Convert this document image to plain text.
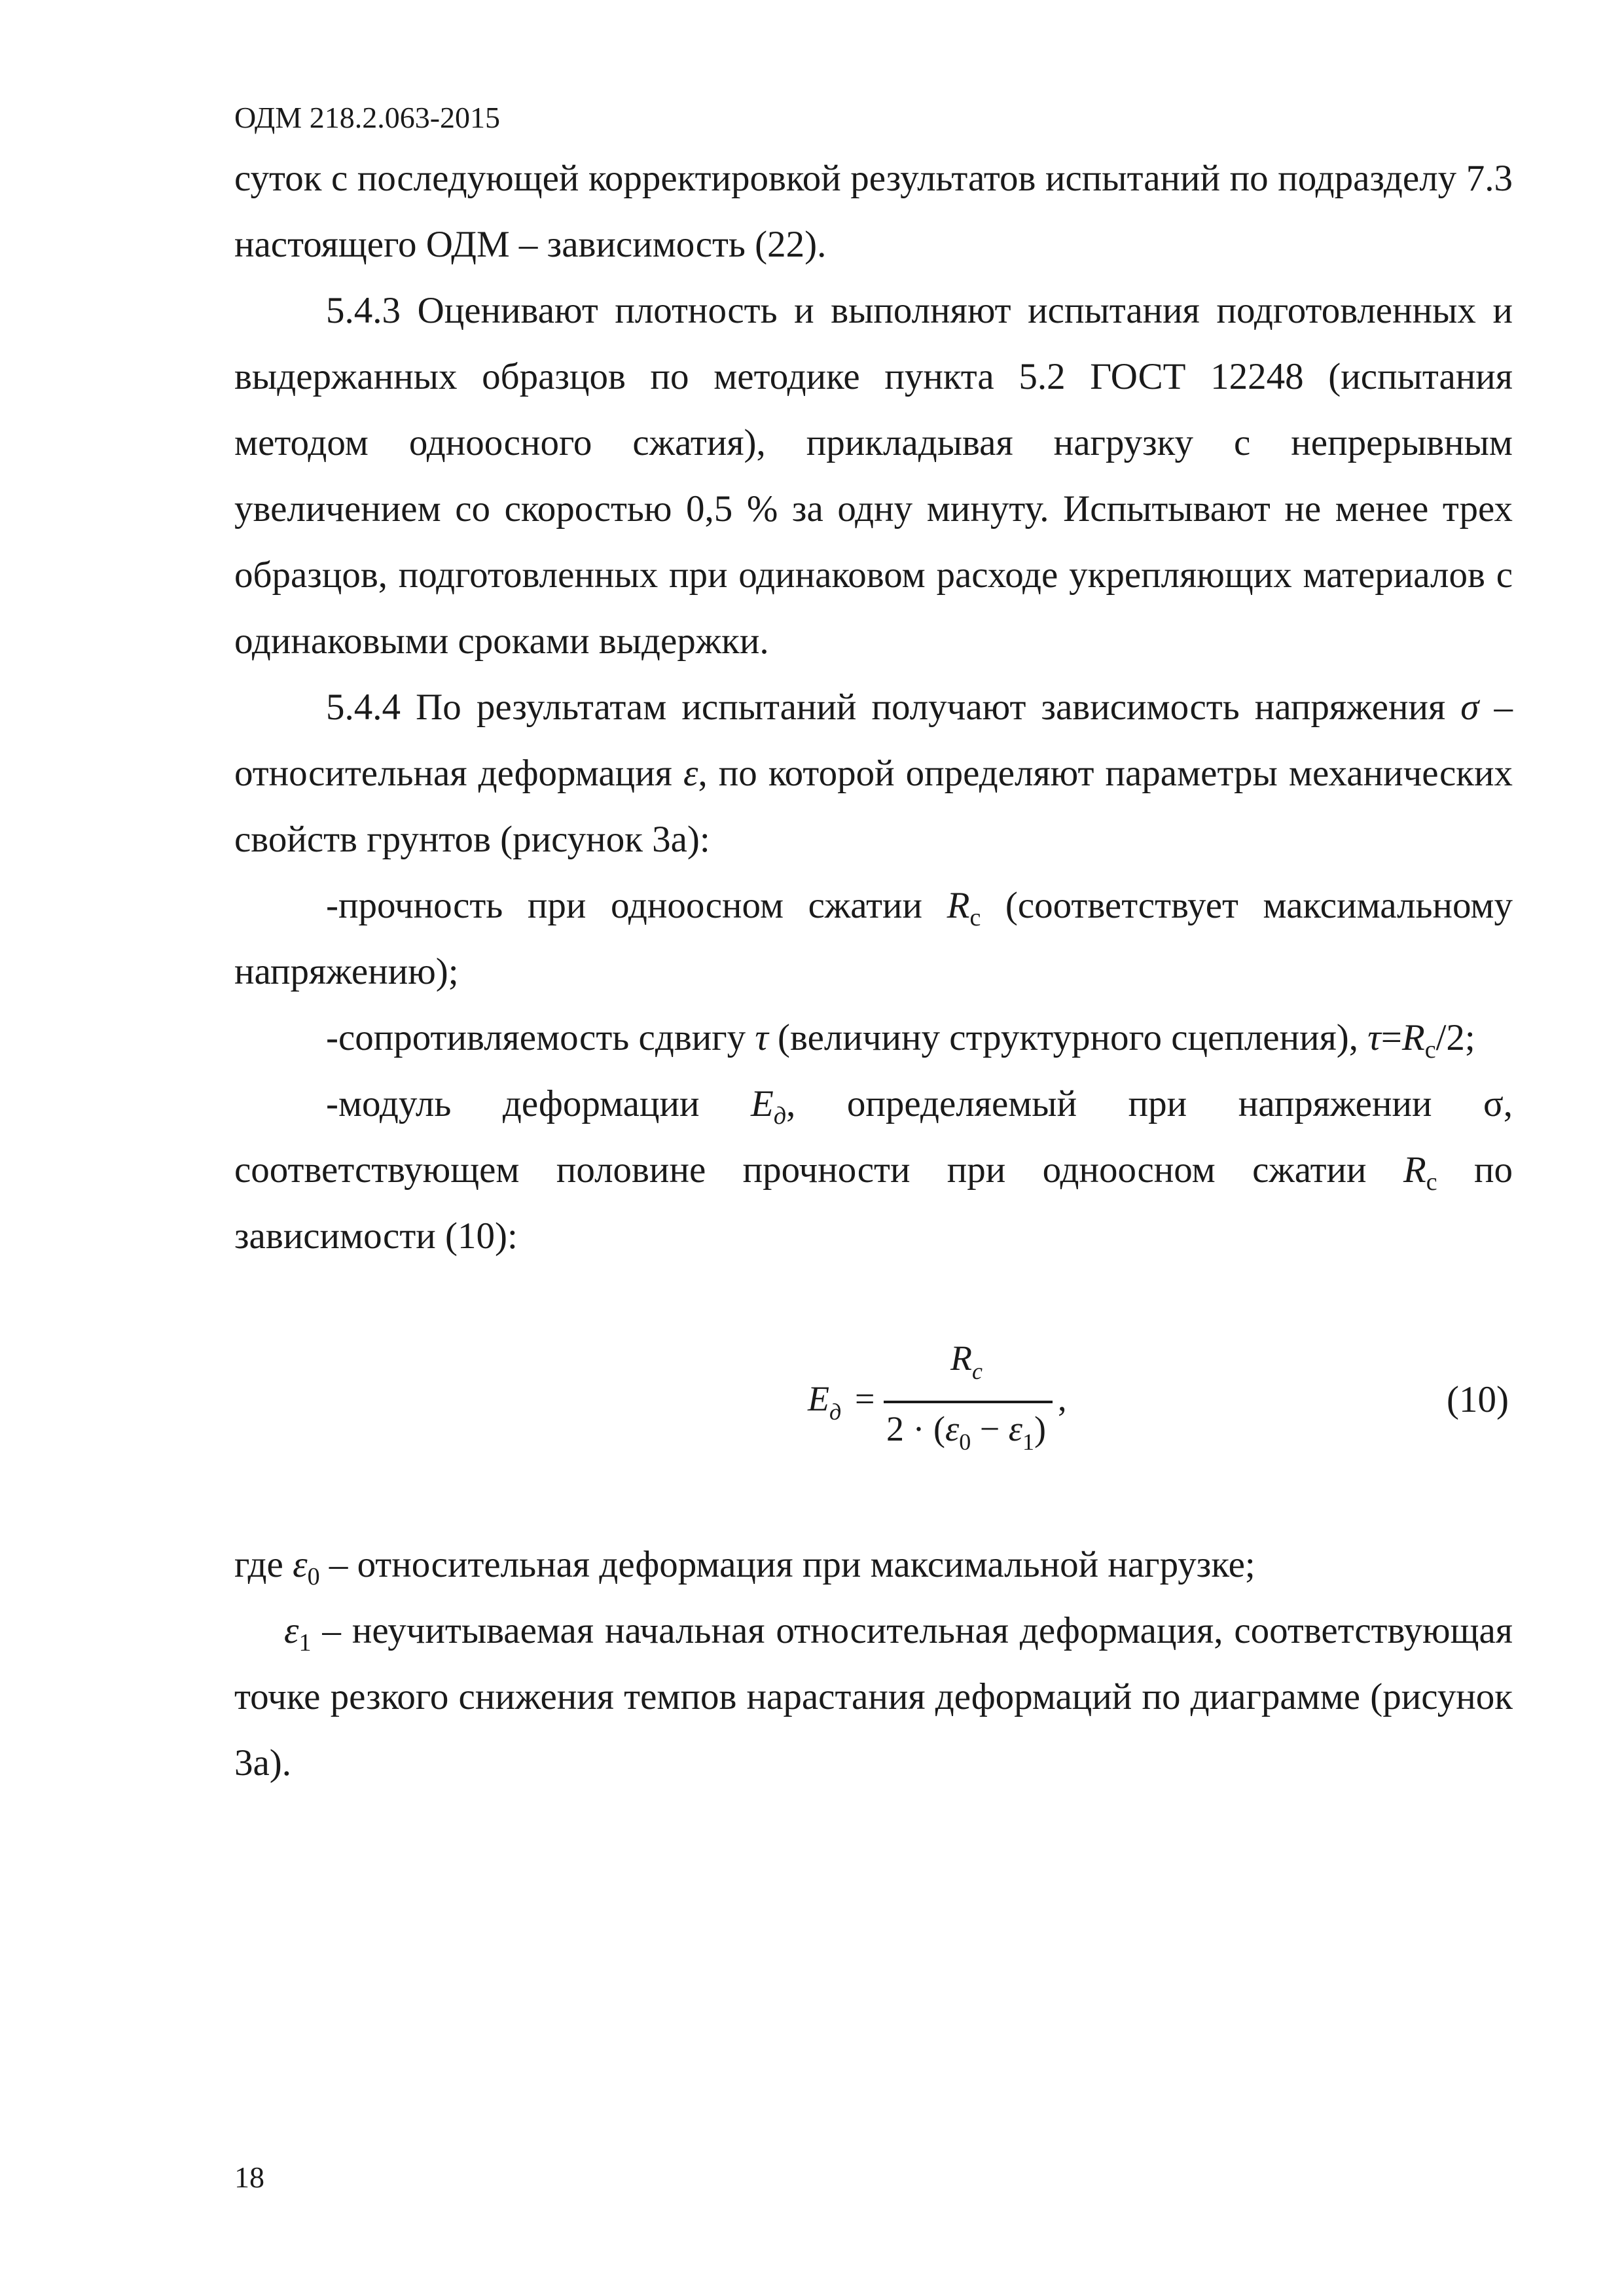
ОДМ 218.2.063-2015

суток с последующей корректировкой результатов испытаний по подразделу 7.3 настоящего ОДМ – зависимость (22).

5.4.3 Оценивают плотность и выполняют испытания подготовленных и выдержанных образцов по методике пункта 5.2 ГОСТ 12248 (испытания методом одноосного сжатия), прикладывая нагрузку с непрерывным увеличением со скоростью 0,5 % за одну минуту. Испытывают не менее трех образцов, подготовленных при одинаковом расходе укрепляющих материалов с одинаковыми сроками выдержки.

5.4.4 По результатам испытаний получают зависимость напряжения σ – относительная деформация ε, по которой определяют параметры механических свойств грунтов (рисунок 3а):

-прочность при одноосном сжатии $R_с$ (соответствует максимальному напряжению);

-сопротивляемость сдвигу τ (величину структурного сцепления), $\tau=R_с/2$;

-модуль деформации $E_д$, определяемый при напряжении σ, соответствующем половине прочности при одноосном сжатии $R_с$ по зависимости (10):

$E_д$ =
$R_c$
$2 \cdot (\varepsilon_0 - \varepsilon_1)$
,	(10)

где $\varepsilon_0$ – относительная деформация при максимальной нагрузке;

$\varepsilon_1$ – неучитываемая начальная относительная деформация, соответствующая точке резкого снижения темпов нарастания деформаций по диаграмме (рисунок 3а).

18
